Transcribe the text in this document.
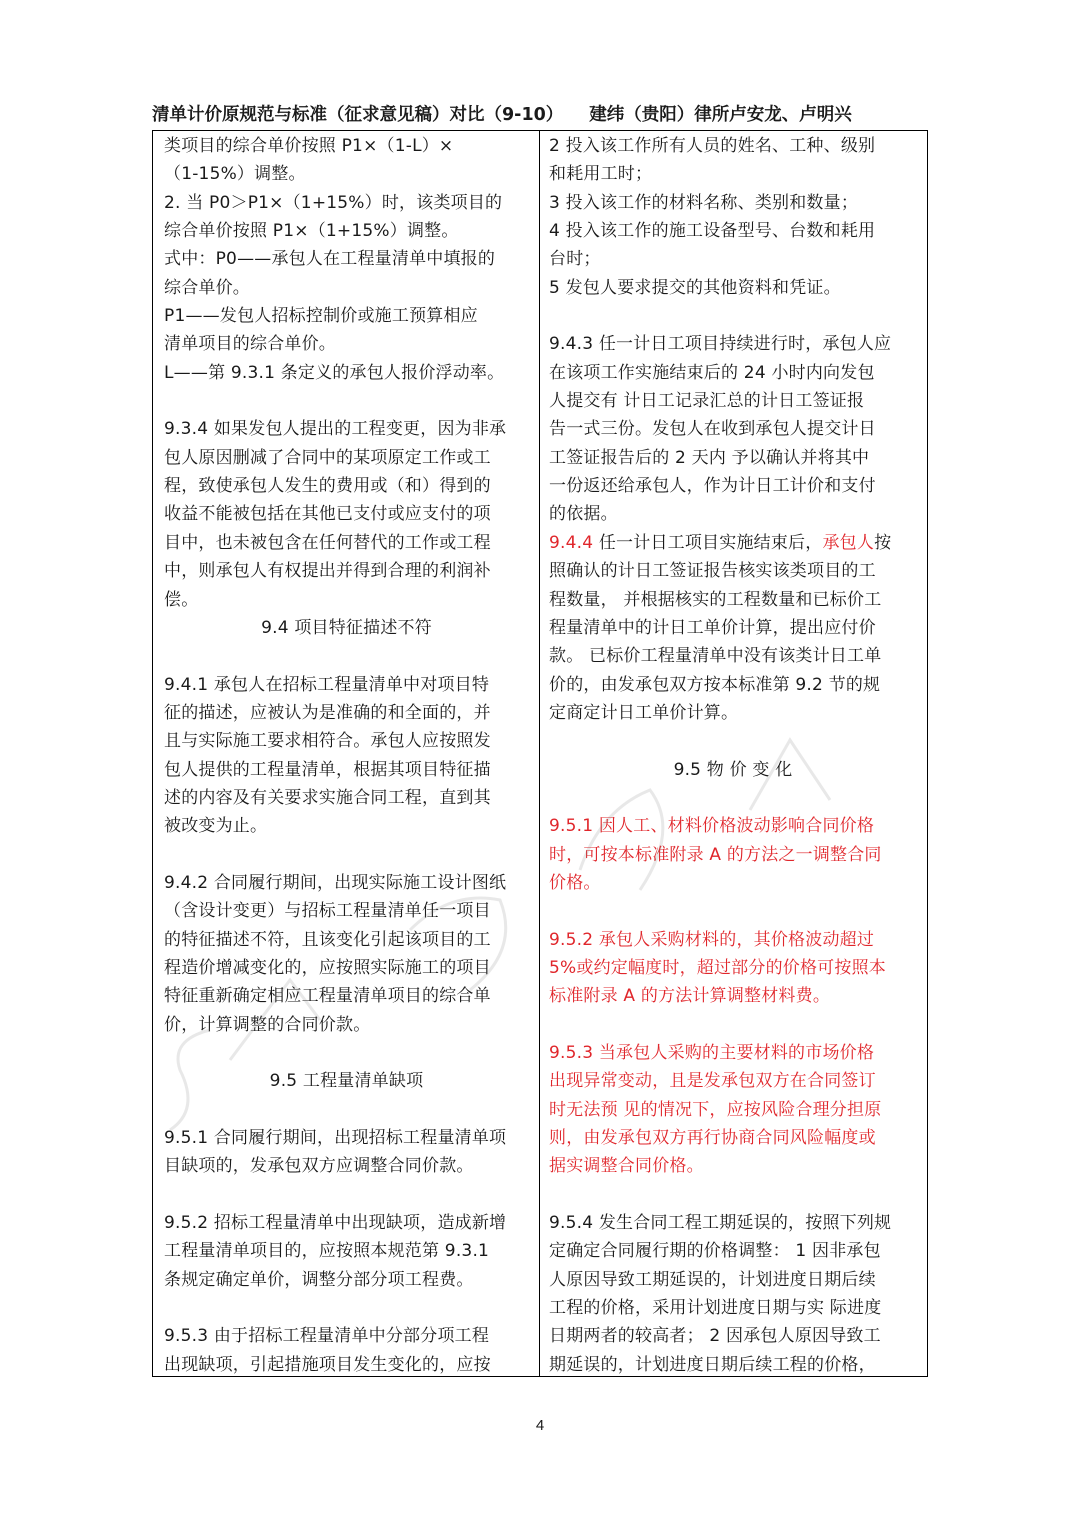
清单计价原规范与标准（征求意见稿）对比（9-10） 建纬（贵阳）律所卢安龙、卢明兴
类项目的综合单价按照 P1×（1-L）×
（1-15%）调整。
2. 当 P0＞P1×（1+15%）时，该类项目的
综合单价按照 P1×（1+15%）调整。
式中：P0——承包人在工程量清单中填报的
综合单价。
P1——发包人招标控制价或施工预算相应
清单项目的综合单价。
L——第 9.3.1 条定义的承包人报价浮动率。
9.3.4 如果发包人提出的工程变更，因为非承
包人原因删减了合同中的某项原定工作或工
程，致使承包人发生的费用或（和）得到的
收益不能被包括在其他已支付或应支付的项
目中，也未被包含在任何替代的工作或工程
中，则承包人有权提出并得到合理的利润补
偿。
9.4 项目特征描述不符
9.4.1 承包人在招标工程量清单中对项目特
征的描述，应被认为是准确的和全面的，并
且与实际施工要求相符合。承包人应按照发
包人提供的工程量清单，根据其项目特征描
述的内容及有关要求实施合同工程，直到其
被改变为止。
9.4.2 合同履行期间，出现实际施工设计图纸
（含设计变更）与招标工程量清单任一项目
的特征描述不符，且该变化引起该项目的工
程造价增减变化的，应按照实际施工的项目
特征重新确定相应工程量清单项目的综合单
价，计算调整的合同价款。
9.5 工程量清单缺项
9.5.1 合同履行期间，出现招标工程量清单项
目缺项的，发承包双方应调整合同价款。
9.5.2 招标工程量清单中出现缺项，造成新增
工程量清单项目的，应按照本规范第 9.3.1
条规定确定单价，调整分部分项工程费。
9.5.3 由于招标工程量清单中分部分项工程
出现缺项，引起措施项目发生变化的，应按
2 投入该工作所有人员的姓名、工种、级别
和耗用工时；
3 投入该工作的材料名称、类别和数量；
4 投入该工作的施工设备型号、台数和耗用
台时；
5 发包人要求提交的其他资料和凭证。
9.4.3 任一计日工项目持续进行时，承包人应
在该项工作实施结束后的 24 小时内向发包
人提交有 计日工记录汇总的计日工签证报
告一式三份。发包人在收到承包人提交计日
工签证报告后的 2 天内 予以确认并将其中
一份返还给承包人，作为计日工计价和支付
的依据。
9.4.4 任一计日工项目实施结束后，承包人按
照确认的计日工签证报告核实该类项目的工
程数量， 并根据核实的工程数量和已标价工
程量清单中的计日工单价计算，提出应付价
款。 已标价工程量清单中没有该类计日工单
价的，由发承包双方按本标准第 9.2 节的规
定商定计日工单价计算。
9.5 物 价 变 化
9.5.1 因人工、材料价格波动影响合同价格
时，可按本标准附录 A 的方法之一调整合同
价格。
9.5.2 承包人采购材料的，其价格波动超过
5%或约定幅度时，超过部分的价格可按照本
标准附录 A 的方法计算调整材料费。
9.5.3 当承包人采购的主要材料的市场价格
出现异常变动，且是发承包双方在合同签订
时无法预 见的情况下，应按风险合理分担原
则，由发承包双方再行协商合同风险幅度或
据实调整合同价格。
9.5.4 发生合同工程工期延误的，按照下列规
定确定合同履行期的价格调整： 1 因非承包
人原因导致工期延误的，计划进度日期后续
工程的价格，采用计划进度日期与实 际进度
日期两者的较高者； 2 因承包人原因导致工
期延误的，计划进度日期后续工程的价格，
4
